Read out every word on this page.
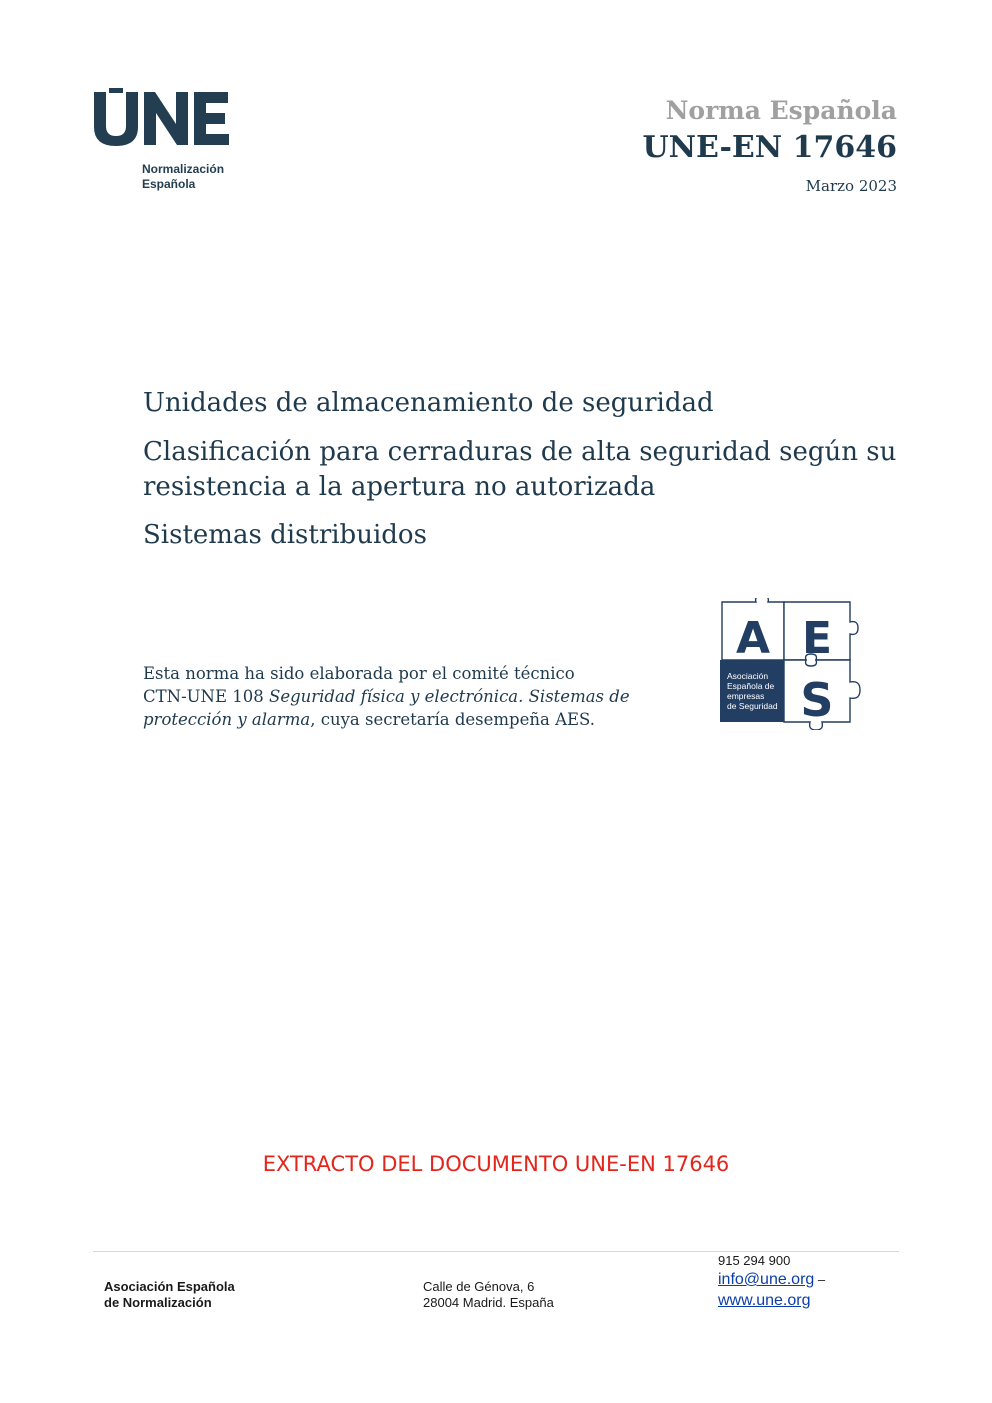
UNE
Normalización
Española
Norma Española
UNE-EN 17646
Marzo 2023
Unidades de almacenamiento de seguridad
Clasificación para cerraduras de alta seguridad según su
resistencia a la apertura no autorizada
Sistemas distribuidos
Esta norma ha sido elaborada por el comité técnico
CTN-UNE 108 Seguridad física y electrónica. Sistemas de
protección y alarma, cuya secretaría desempeña AES.
A E
S
Asociación
Española de
empresas
de Seguridad
EXTRACTO DEL DOCUMENTO UNE-EN 17646
Asociación Española
de Normalización
Calle de Génova, 6
28004 Madrid. España
915 294 900
info@une.org –
www.une.org
